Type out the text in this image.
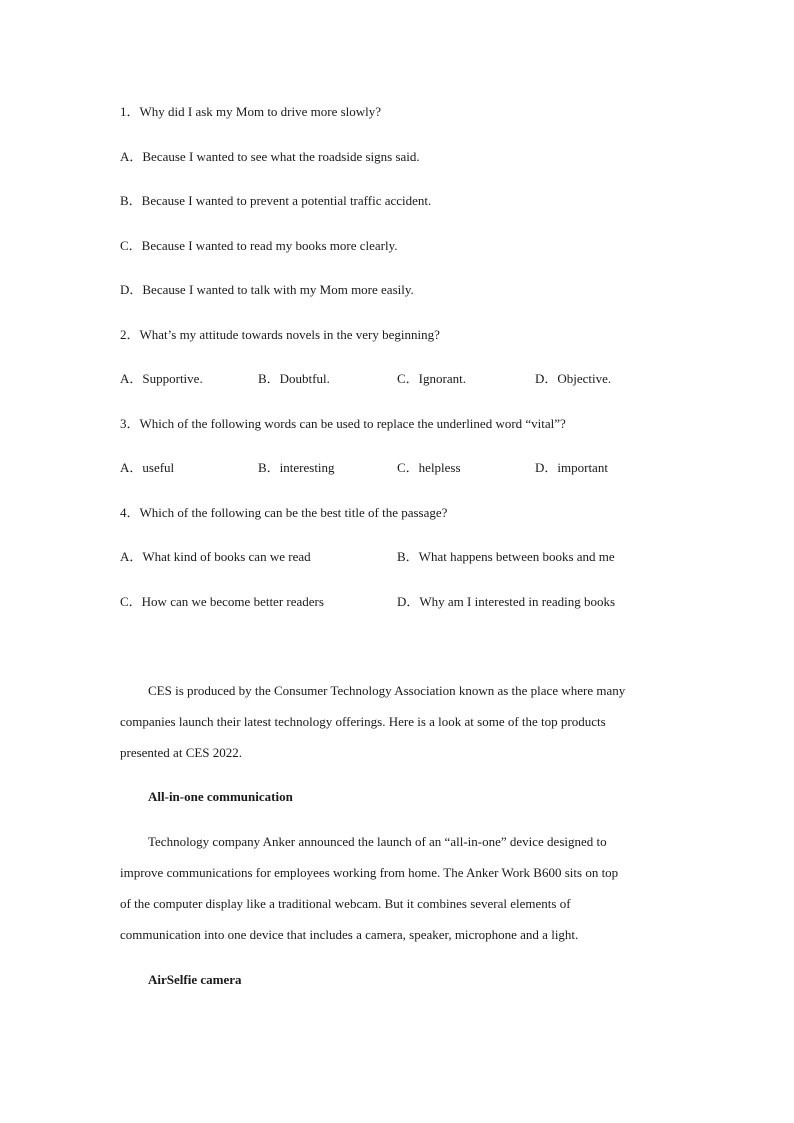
1．Why did I ask my Mom to drive more slowly?
A．Because I wanted to see what the roadside signs said.
B．Because I wanted to prevent a potential traffic accident.
C．Because I wanted to read my books more clearly.
D．Because I wanted to talk with my Mom more easily.
2．What’s my attitude towards novels in the very beginning?
A．Supportive.	B．Doubtful.	C．Ignorant.	D．Objective.
3．Which of the following words can be used to replace the underlined word “vital”?
A．useful	B．interesting	C．helpless	D．important
4．Which of the following can be the best title of the passage?
A．What kind of books can we read	B．What happens between books and me
C．How can we become better readers	D．Why am I interested in reading books
CES is produced by the Consumer Technology Association known as the place where many
companies launch their latest technology offerings. Here is a look at some of the top products
presented at CES 2022.
All-in-one communication
Technology company Anker announced the launch of an “all-in-one” device designed to
improve communications for employees working from home. The Anker Work B600 sits on top
of the computer display like a traditional webcam. But it combines several elements of
communication into one device that includes a camera, speaker, microphone and a light.
AirSelfie camera
